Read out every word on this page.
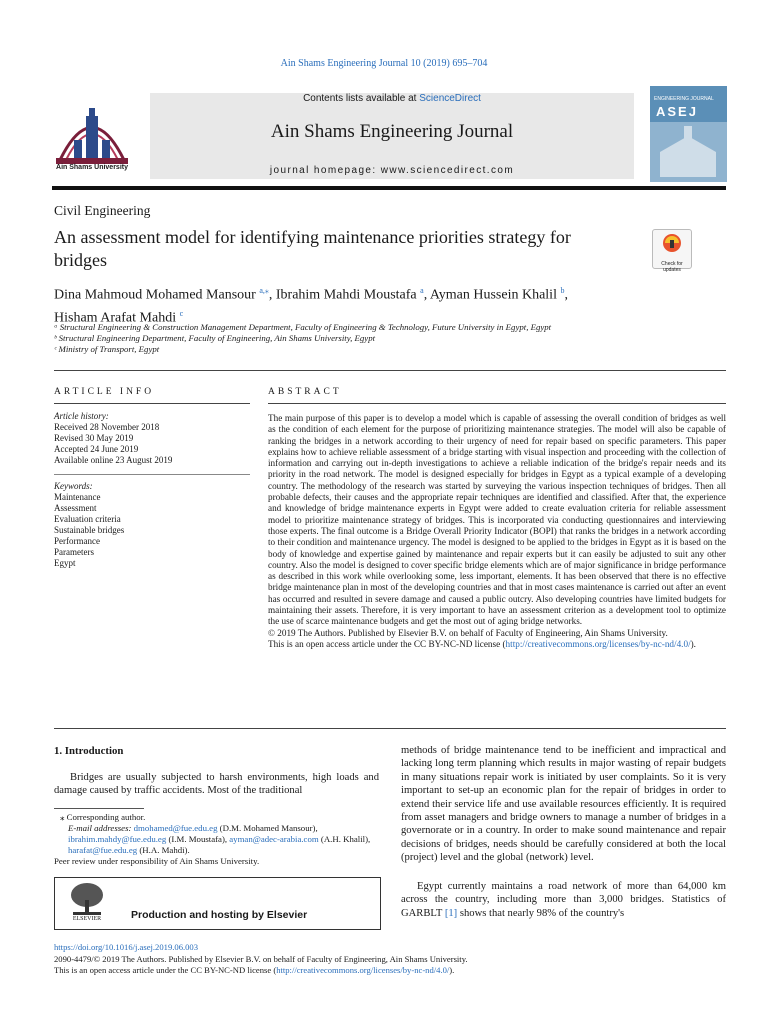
Ain Shams Engineering Journal 10 (2019) 695–704
Ain Shams University
Contents lists available at ScienceDirect
Ain Shams Engineering Journal
journal homepage: www.sciencedirect.com
ENGINEERING JOURNAL
ASEJ
Civil Engineering
An assessment model for identifying maintenance priorities strategy for bridges	Check for updates
Dina Mahmoud Mohamed Mansour $^{a,⁎}$, Ibrahim Mahdi Moustafa $^a$, Ayman Hussein Khalil $^b$,
Hisham Arafat Mahdi $^c$
ᵃ Structural Engineering & Construction Management Department, Faculty of Engineering & Technology, Future University in Egypt, Egypt
ᵇ Structural Engineering Department, Faculty of Engineering, Ain Shams University, Egypt
ᶜ Ministry of Transport, Egypt
ARTICLE INFO
Article history:
Received 28 November 2018
Revised 30 May 2019
Accepted 24 June 2019
Available online 23 August 2019
Keywords:
Maintenance
Assessment
Evaluation criteria
Sustainable bridges
Performance
Parameters
Egypt
ABSTRACT
The main purpose of this paper is to develop a model which is capable of assessing the overall condition of bridges as well as the condition of each element for the purpose of prioritizing maintenance strategies. The model will also be capable of ranking the bridges in a network according to their urgency of need for repair based on specific parameters. This paper explains how to achieve reliable assessment of a bridge starting with visual inspection and proceeding with the collection of information and carrying out in-depth investigations to achieve a reliable indication of the bridge's repair needs and its priority in the road network. The model is designed especially for bridges in Egypt as a typical example of a developing country. The methodology of the research was started by surveying the various inspection techniques of bridges. Then all probable defects, their causes and the appropriate repair techniques are identified and classified. After that, the experience and knowledge of bridge maintenance experts in Egypt were added to create evaluation criteria for reliable assessment model to prioritize maintenance strategy of bridges. This is incorporated via conducting questionnaires and interviewing those experts. The final outcome is a Bridge Overall Priority Indicator (BOPI) that ranks the bridges in a network according to their condition and maintenance urgency. The model is designed to be applied to the bridges in Egypt as it is based on the body of knowledge and expertise gained by maintenance and repair experts but it can easily be adjusted to suit any other country. Also the model is designed to cover specific bridge elements which are of major significance in bridge performance as described in this work while overlooking some, less important, elements. It has been observed that there is no effective bridge maintenance plan in most of the developing countries and that in most cases maintenance is carried out after an event has occurred and resulted in severe damage and caused a public outcry. Also developing countries have limited budgets for maintaining their assets. Therefore, it is very important to have an assessment criterion as a development tool to optimize the use of scarce maintenance budgets and get the most out of aging bridge networks.
© 2019 The Authors. Published by Elsevier B.V. on behalf of Faculty of Engineering, Ain Shams University.
This is an open access article under the CC BY-NC-ND license (http://creativecommons.org/licenses/by-nc-nd/4.0/).
1. Introduction
Bridges are usually subjected to harsh environments, high loads and damage caused by traffic accidents. Most of the traditional
methods of bridge maintenance tend to be inefficient and impractical and lacking long term planning which results in major wasting of repair budgets in many situations repair work is initiated by user complaints. So it is very important to set-up an economic plan for the repair of bridges in order to extend their service life and use available resources efficiently. It is required from asset managers and bridge owners to manage a number of bridges in a governorate or in a country. In order to make sound maintenance and repair decisions of bridges, needs should be carefully considered at both the local (project) level and the global (network) level.
Egypt currently maintains a road network of more than 64,000 km across the country, including more than 3,000 bridges. Statistics of GARBLT [1] shows that nearly 98% of the country's
⁎ Corresponding author.
E-mail addresses: dmohamed@fue.edu.eg (D.M. Mohamed Mansour), ibrahim.mahdy@fue.edu.eg (I.M. Moustafa), ayman@adec-arabia.com (A.H. Khalil), harafat@fue.edu.eg (H.A. Mahdi).
Peer review under responsibility of Ain Shams University.
ELSEVIER	Production and hosting by Elsevier
https://doi.org/10.1016/j.asej.2019.06.003
2090-4479/© 2019 The Authors. Published by Elsevier B.V. on behalf of Faculty of Engineering, Ain Shams University.
This is an open access article under the CC BY-NC-ND license (http://creativecommons.org/licenses/by-nc-nd/4.0/).
